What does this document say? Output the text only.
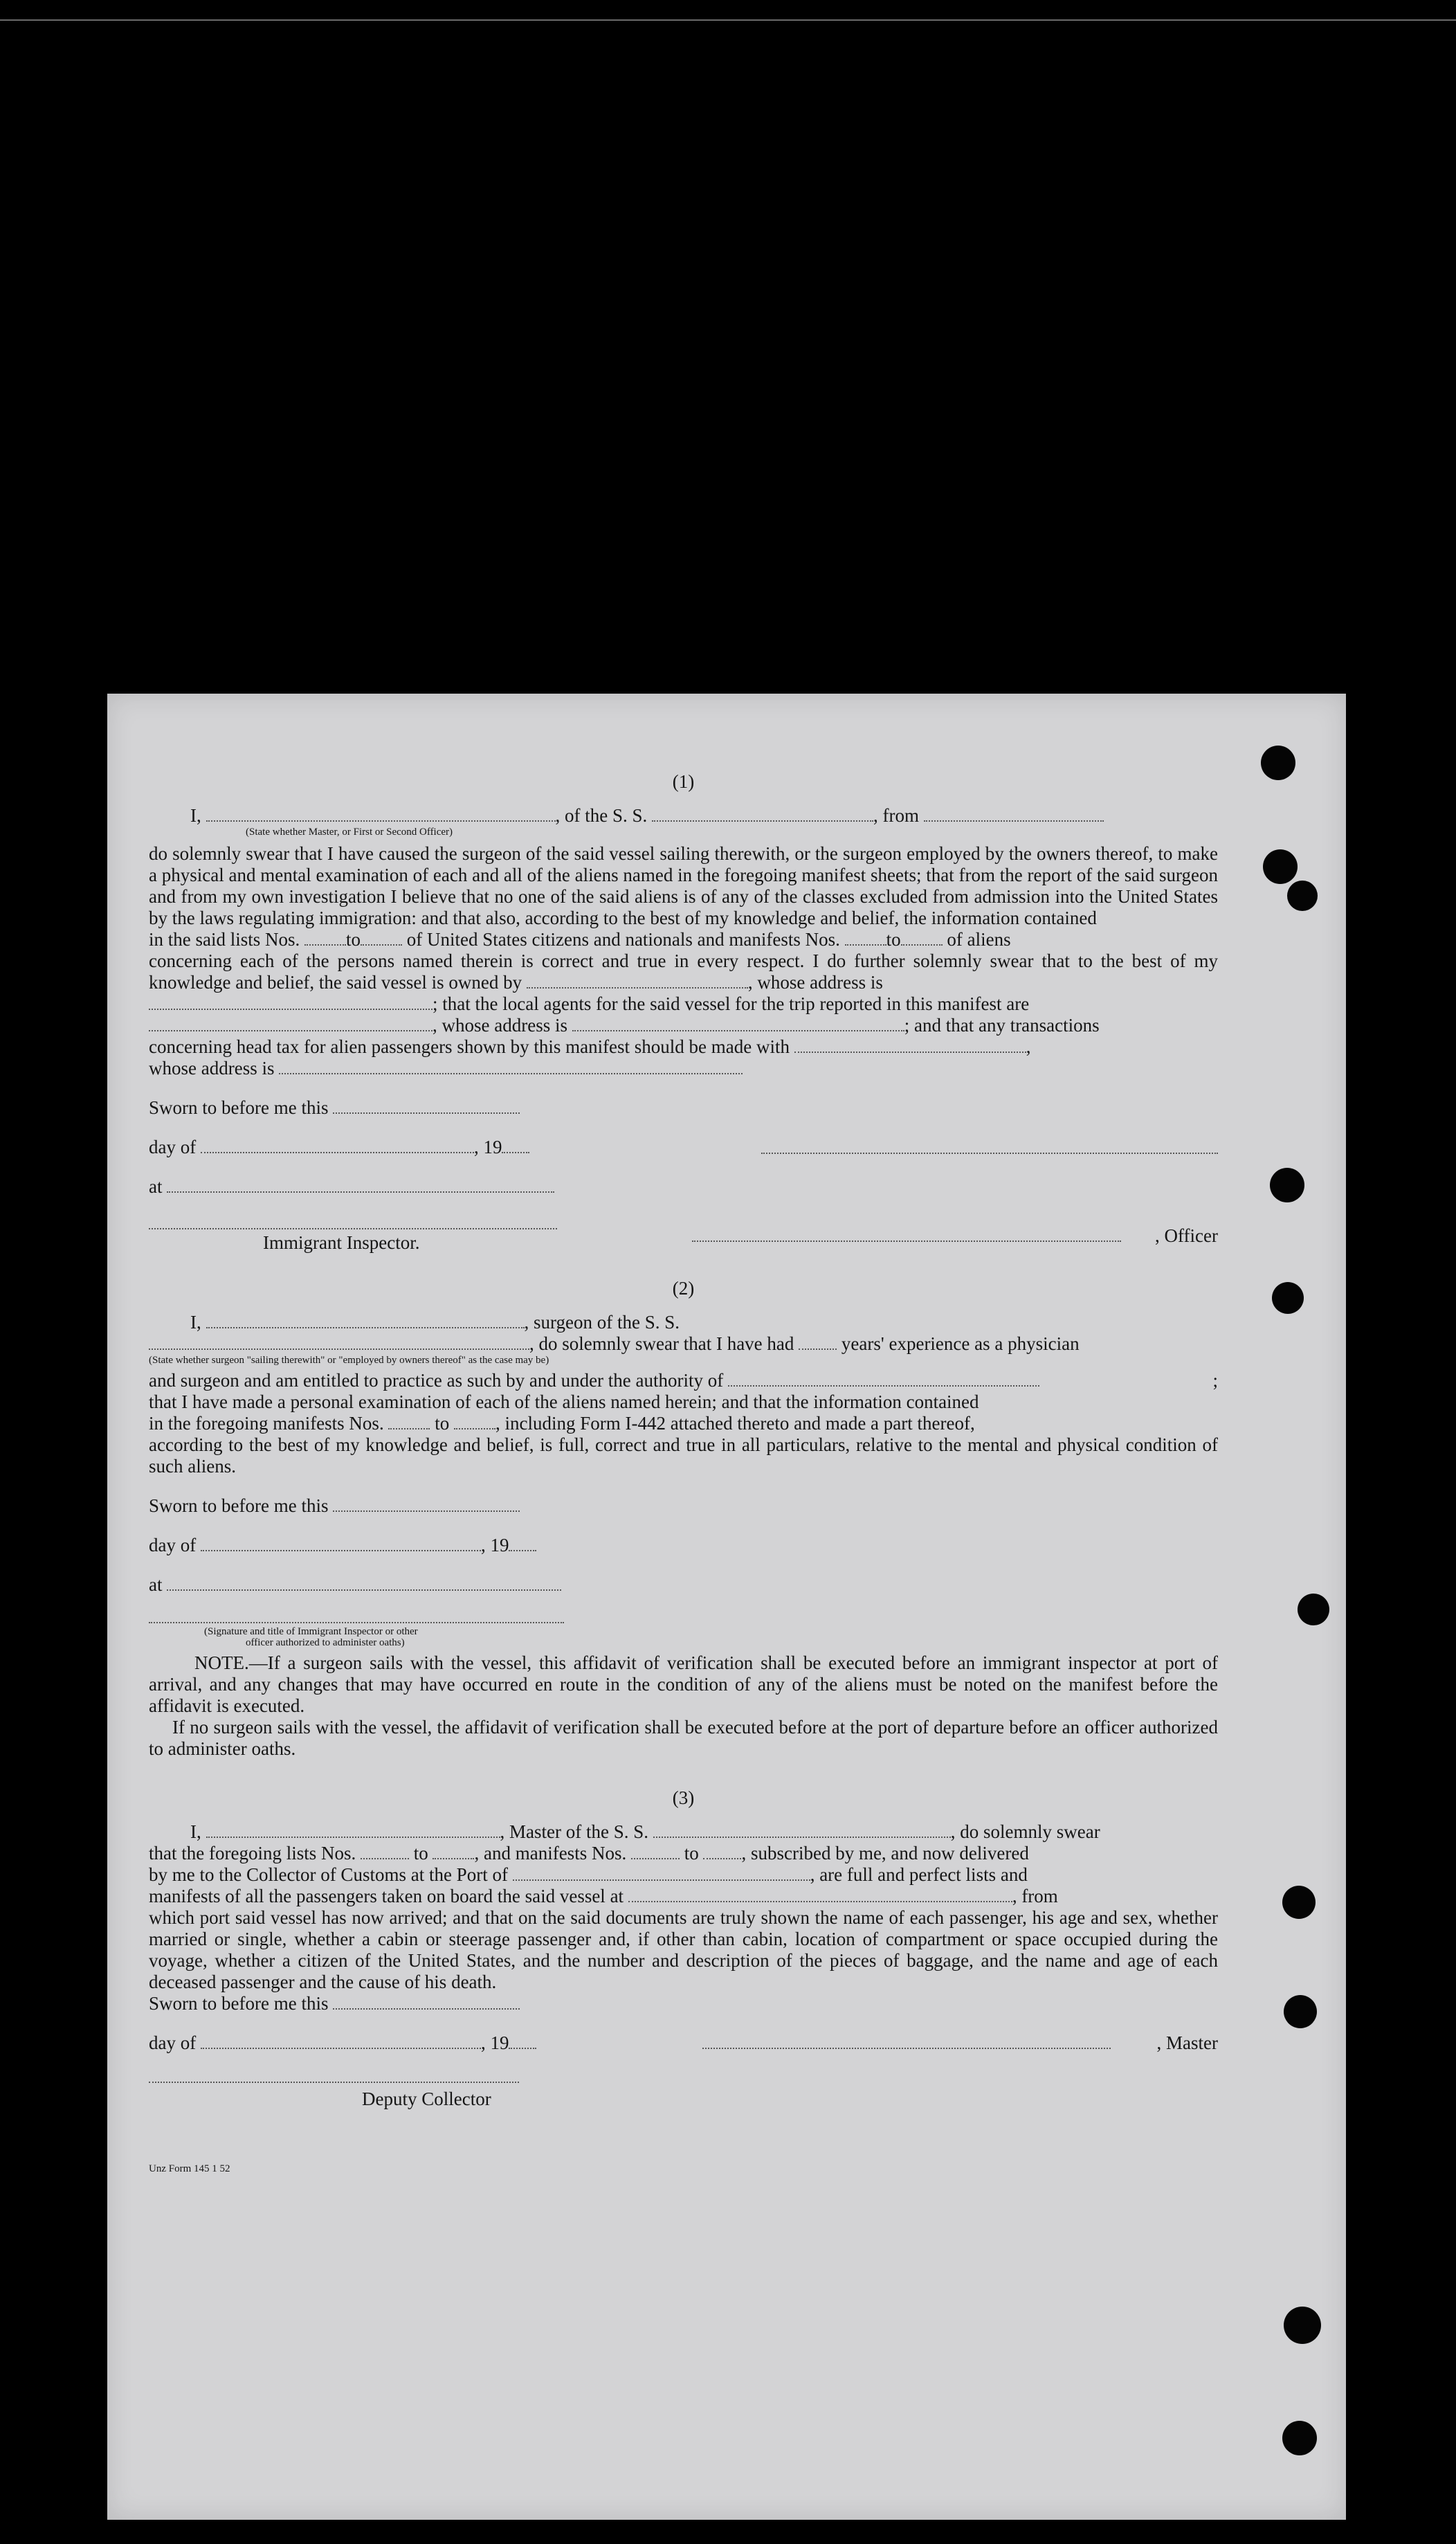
(1)
I,	, of the S. S.	, from
(State whether Master, or First or Second Officer)

do solemnly swear that I have caused the surgeon of the said vessel sailing therewith, or the surgeon employed by the owners thereof, to make a physical and mental examination of each and all of the aliens named in the foregoing manifest sheets; that from the report of the said surgeon and from my own investigation I believe that no one of the said aliens is of any of the classes excluded from admission into the United States by the laws regulating immigration: and that also, according to the best of my knowledge and belief, the information contained

in the said lists Nos. to of United States citizens and nationals and manifests Nos. to of aliens

concerning each of the persons named therein is correct and true in every respect. I do further solemnly swear that to the best of my knowledge and belief, the said vessel is owned by	, whose address is

; that the local agents for the said vessel for the trip reported in this manifest are
, whose address is	; and that any transactions
concerning head tax for alien passengers shown by this manifest should be made with	,
whose address is
Sworn to before me this
day of	, 19
at
Immigrant Inspector.	, Officer
(2)
I,	, surgeon of the S. S.
, do solemnly swear that I have had	years' experience as a physician
(State whether surgeon "sailing therewith" or "employed by owners thereof" as the case may be)
and surgeon and am entitled to practice as such by and under the authority of	;

that I have made a personal examination of each of the aliens named herein; and that the information contained

in the foregoing manifests Nos.	to , including Form I-442 attached thereto and made a part thereof,

according to the best of my knowledge and belief, is full, correct and true in all particulars, relative to the mental and physical condition of such aliens.

Sworn to before me this
day of	, 19
at
(Signature and title of Immigrant Inspector or other
officer authorized to administer oaths)

NOTE.—If a surgeon sails with the vessel, this affidavit of verification shall be executed before an immigrant inspector at port of arrival, and any changes that may have occurred en route in the condition of any of the aliens must be noted on the manifest before the affidavit is executed.

If no surgeon sails with the vessel, the affidavit of verification shall be executed before at the port of departure before an officer authorized to administer oaths.

(3)
I,	, Master of the S. S.	, do solemnly swear
that the foregoing lists Nos.	to , and manifests Nos.	to , subscribed by me, and now delivered
by me to the Collector of Customs at the Port of	, are full and perfect lists and
manifests of all the passengers taken on board the said vessel at	, from

which port said vessel has now arrived; and that on the said documents are truly shown the name of each passenger, his age and sex, whether married or single, whether a cabin or steerage passenger and, if other than cabin, location of compartment or space occupied during the voyage, whether a citizen of the United States, and the number and description of the pieces of baggage, and the name and age of each deceased passenger and the cause of his death.

Sworn to before me this
day of	, 19	, Master
Deputy Collector
Unz Form 145 1 52
